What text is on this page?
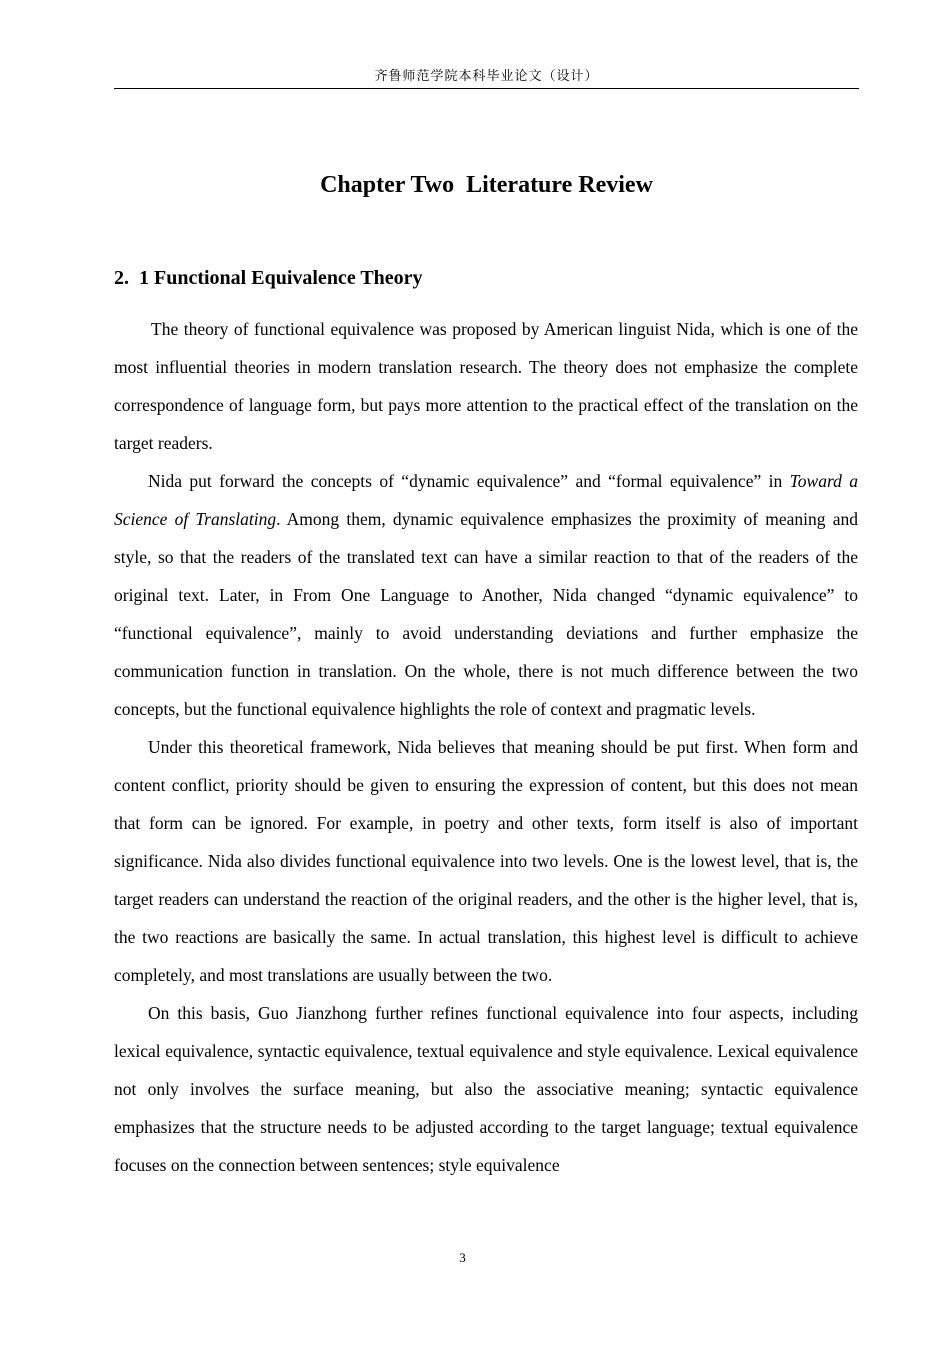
齐鲁师范学院本科毕业论文（设计）
Chapter Two  Literature Review
2.  1 Functional Equivalence Theory

The theory of functional equivalence was proposed by American linguist Nida, which is one of the most influential theories in modern translation research. The theory does not emphasize the complete correspondence of language form, but pays more attention to the practical effect of the translation on the target readers.

Nida put forward the concepts of “dynamic equivalence” and “formal equivalence” in Toward a Science of Translating. Among them, dynamic equivalence emphasizes the proximity of meaning and style, so that the readers of the translated text can have a similar reaction to that of the readers of the original text. Later, in From One Language to Another, Nida changed “dynamic equivalence” to “functional equivalence”, mainly to avoid understanding deviations and further emphasize the communication function in translation. On the whole, there is not much difference between the two concepts, but the functional equivalence highlights the role of context and pragmatic levels.

Under this theoretical framework, Nida believes that meaning should be put first. When form and content conflict, priority should be given to ensuring the expression of content, but this does not mean that form can be ignored. For example, in poetry and other texts, form itself is also of important significance. Nida also divides functional equivalence into two levels. One is the lowest level, that is, the target readers can understand the reaction of the original readers, and the other is the higher level, that is, the two reactions are basically the same. In actual translation, this highest level is difficult to achieve completely, and most translations are usually between the two.

On this basis, Guo Jianzhong further refines functional equivalence into four aspects, including lexical equivalence, syntactic equivalence, textual equivalence and style equivalence. Lexical equivalence not only involves the surface meaning, but also the associative meaning; syntactic equivalence emphasizes that the structure needs to be adjusted according to the target language; textual equivalence focuses on the connection between sentences; style equivalence

3
